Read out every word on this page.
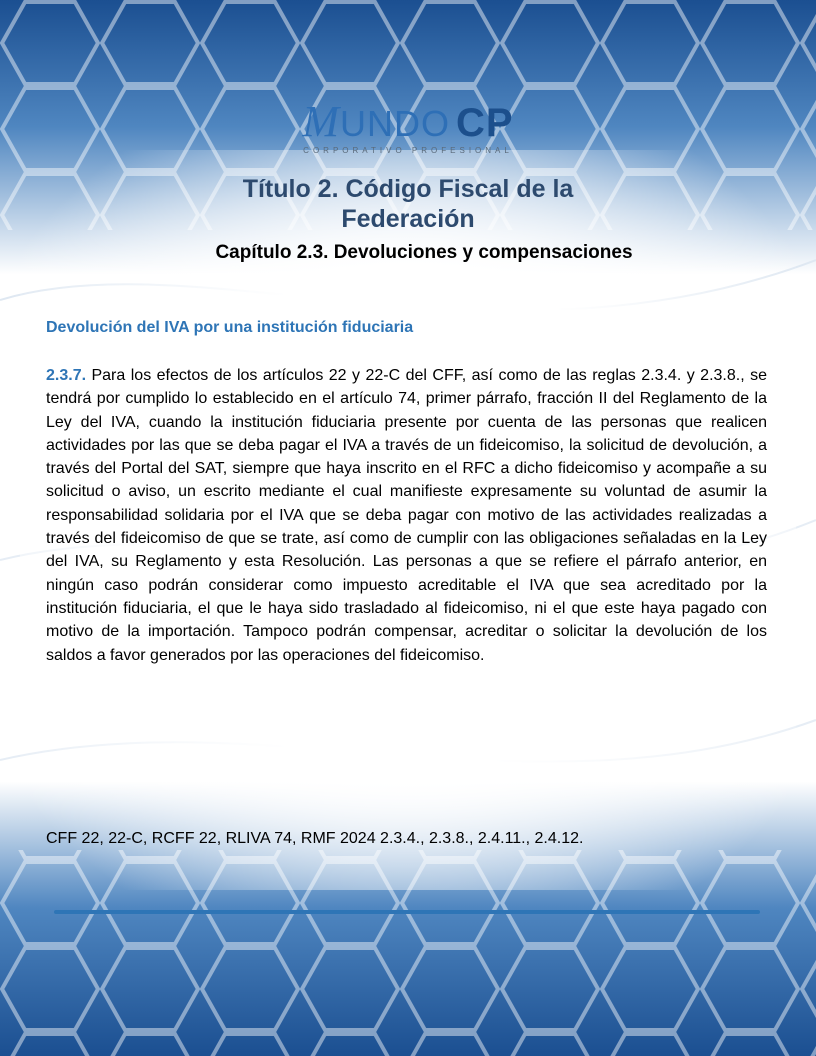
MUNDO CP
CORPORATIVO PROFESIONAL
Título 2. Código Fiscal de la
Federación
Capítulo 2.3. Devoluciones y compensaciones

Devolución del IVA por una institución fiduciaria

2.3.7. Para los efectos de los artículos 22 y 22-C del CFF, así como de las reglas 2.3.4. y 2.3.8., se tendrá por cumplido lo establecido en el artículo 74, primer párrafo, fracción II del Reglamento de la Ley del IVA, cuando la institución fiduciaria presente por cuenta de las personas que realicen actividades por las que se deba pagar el IVA a través de un fideicomiso, la solicitud de devolución, a través del Portal del SAT, siempre que haya inscrito en el RFC a dicho fideicomiso y acompañe a su solicitud o aviso, un escrito mediante el cual manifieste expresamente su voluntad de asumir la responsabilidad solidaria por el IVA que se deba pagar con motivo de las actividades realizadas a través del fideicomiso de que se trate, así como de cumplir con las obligaciones señaladas en la Ley del IVA, su Reglamento y esta Resolución. Las personas a que se refiere el párrafo anterior, en ningún caso podrán considerar como impuesto acreditable el IVA que sea acreditado por la institución fiduciaria, el que le haya sido trasladado al fideicomiso, ni el que este haya pagado con motivo de la importación. Tampoco podrán compensar, acreditar o solicitar la devolución de los saldos a favor generados por las operaciones del fideicomiso.

CFF 22, 22-C, RCFF 22, RLIVA 74, RMF 2024 2.3.4., 2.3.8., 2.4.11., 2.4.12.
